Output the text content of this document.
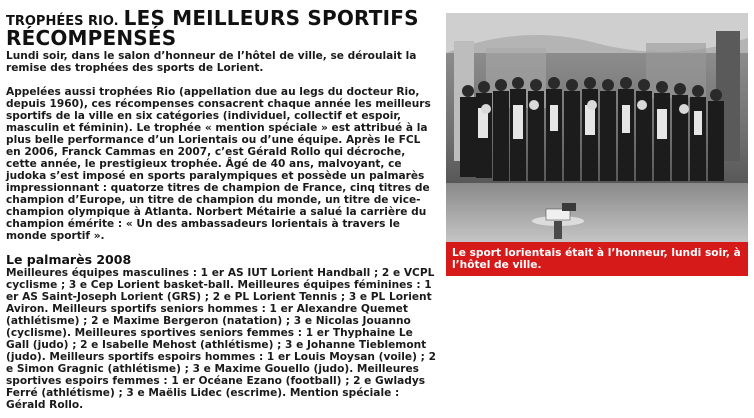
TROPHÉES RIO. LES MEILLEURS SPORTIFS RÉCOMPENSÉS

Lundi soir, dans le salon d’honneur de l’hôtel de ville, se déroulait la remise des trophées des sports de Lorient.

Appelées aussi trophées Rio (appellation due au legs du docteur Rio, depuis 1960), ces récompenses consacrent chaque année les meilleurs sportifs de la ville en six catégories (individuel, collectif et espoir, masculin et féminin). Le trophée « mention spéciale » est attribué à la plus belle performance d’un Lorientais ou d’une équipe. Après le FCL en 2006, Franck Cammas en 2007, c’est Gérald Rollo qui décroche, cette année, le prestigieux trophée. Âgé de 40 ans, malvoyant, ce judoka s’est imposé en sports paralympiques et possède un palmarès impressionnant : quatorze titres de champion de France, cinq titres de champion d’Europe, un titre de champion du monde, un titre de vice-champion olympique à Atlanta. Norbert Métairie a salué la carrière du champion émérite : « Un des ambassadeurs lorientais à travers le monde sportif ».

Le palmarès 2008

Meilleures équipes masculines : 1 er AS IUT Lorient Handball ; 2 e VCPL cyclisme ; 3 e Cep Lorient basket-ball. Meilleures équipes féminines : 1 er AS Saint-Joseph Lorient (GRS) ; 2 e PL Lorient Tennis ; 3 e PL Lorient Aviron. Meilleurs sportifs seniors hommes : 1 er Alexandre Quemet (athlétisme) ; 2 e Maxime Bergeron (natation) ; 3 e Nicolas Jouanno (cyclisme). Meilleures sportives seniors femmes : 1 er Thyphaine Le Gall (judo) ; 2 e Isabelle Mehost (athlétisme) ; 3 e Johanne Tieblemont (judo). Meilleurs sportifs espoirs hommes : 1 er Louis Moysan (voile) ; 2 e Simon Gragnic (athlétisme) ; 3 e Maxime Gouello (judo). Meilleures sportives espoirs femmes : 1 er Océane Ezano (football) ; 2 e Gwladys Ferré (athlétisme) ; 3 e Maëlis Lidec (escrime). Mention spéciale : Gérald Rollo.

Le sport lorientais était à l’honneur, lundi soir, à l’hôtel de ville.
